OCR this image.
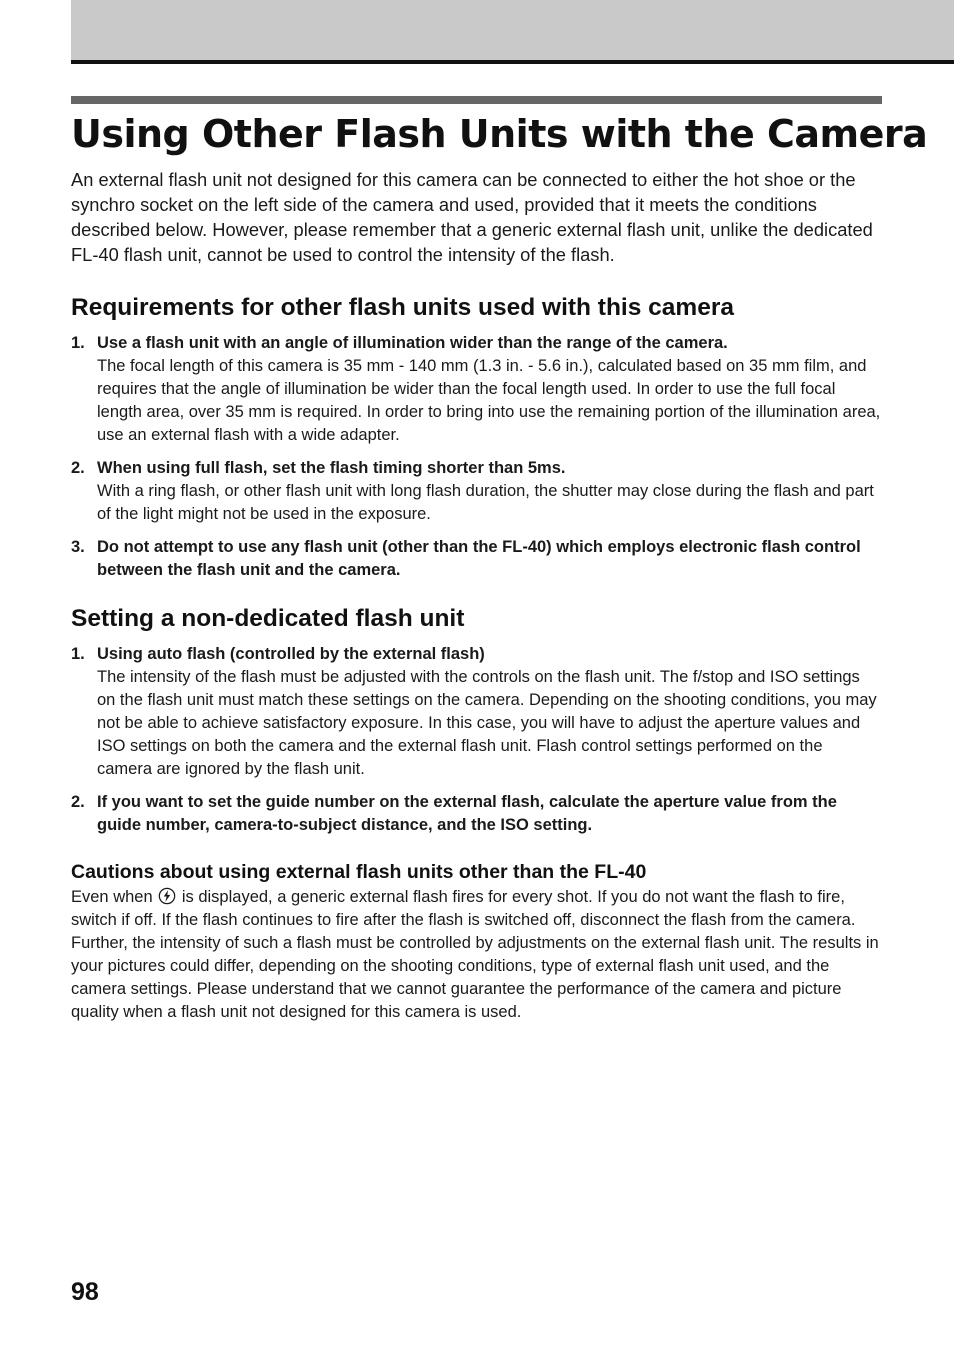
Using Other Flash Units with the Camera

An external flash unit not designed for this camera can be connected to either the hot shoe or the synchro socket on the left side of the camera and used, provided that it meets the conditions described below. However, please remember that a generic external flash unit, unlike the dedicated FL-40 flash unit, cannot be used to control the intensity of the flash.

Requirements for other flash units used with this camera
1. Use a flash unit with an angle of illumination wider than the range of the camera.
The focal length of this camera is 35 mm - 140 mm (1.3 in. - 5.6 in.), calculated based on 35 mm film, and requires that the angle of illumination be wider than the focal length used. In order to use the full focal length area, over 35 mm is required. In order to bring into use the remaining portion of the illumination area, use an external flash with a wide adapter.
2. When using full flash, set the flash timing shorter than 5ms.
With a ring flash, or other flash unit with long flash duration, the shutter may close during the flash and part of the light might not be used in the exposure.
3. Do not attempt to use any flash unit (other than the FL-40) which employs electronic flash control between the flash unit and the camera.
Setting a non-dedicated flash unit
1. Using auto flash (controlled by the external flash)
The intensity of the flash must be adjusted with the controls on the flash unit. The f/stop and ISO settings on the flash unit must match these settings on the camera. Depending on the shooting conditions, you may not be able to achieve satisfactory exposure. In this case, you will have to adjust the aperture values and ISO settings on both the camera and the external flash unit. Flash control settings performed on the camera are ignored by the flash unit.
2. If you want to set the guide number on the external flash, calculate the aperture value from the guide number, camera-to-subject distance, and the ISO setting.
Cautions about using external flash units other than the FL-40

Even when is displayed, a generic external flash fires for every shot. If you do not want the flash to fire, switch if off. If the flash continues to fire after the flash is switched off, disconnect the flash from the camera. Further, the intensity of such a flash must be controlled by adjustments on the external flash unit. The results in your pictures could differ, depending on the shooting conditions, type of external flash unit used, and the camera settings. Please understand that we cannot guarantee the performance of the camera and picture quality when a flash unit not designed for this camera is used.

98
